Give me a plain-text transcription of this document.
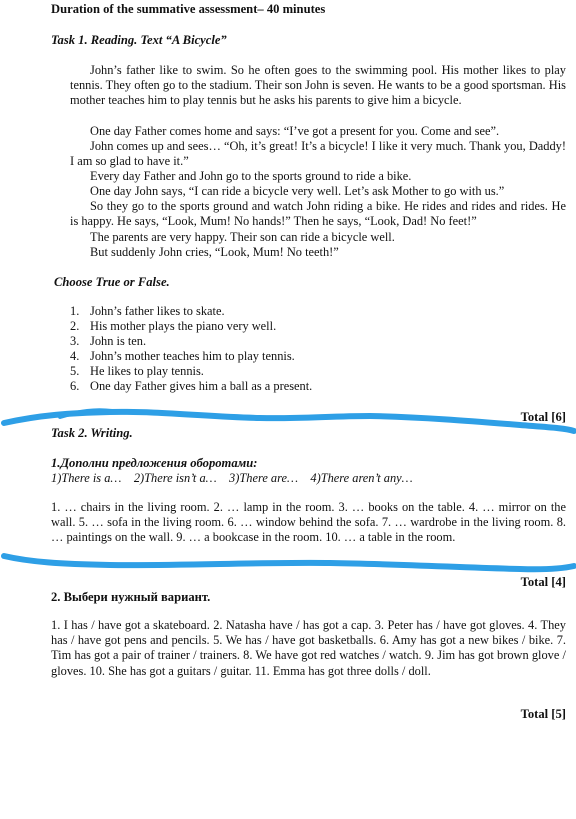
Duration of the summative assessment– 40 minutes
Task 1. Reading. Text “A Bicycle”
John’s father like to swim. So he often goes to the swimming pool. His mother likes to play tennis. They often go to the stadium. Their son John is seven. He wants to be a good sportsman. His mother teaches him to play tennis but he asks his parents to give him a bicycle.
One day Father comes home and says: “I’ve got a present for you. Come and see”.
John comes up and sees… “Oh, it’s great! It’s a bicycle! I like it very much. Thank you, Daddy! I am so glad to have it.”
Every day Father and John go to the sports ground to ride a bike.
One day John says, “I can ride a bicycle very well. Let’s ask Mother to go with us.”
So they go to the sports ground and watch John riding a bike. He rides and rides and rides. He is happy. He says, “Look, Mum! No hands!” Then he says, “Look, Dad! No feet!”
The parents are very happy. Their son can ride a bicycle well.
But suddenly John cries, “Look, Mum! No teeth!”
Choose True or False.
1. John’s father likes to skate.
2. His mother plays the piano very well.
3. John is ten.
4. John’s mother teaches him to play tennis.
5. He likes to play tennis.
6. One day Father gives him a ball as a present.
Total [6]
Task 2. Writing.
1.Дополни предложения оборотами:
1)There is a…    2)There isn’t a…    3)There are…    4)There aren’t any…
1. … chairs in the living room. 2. … lamp in the room. 3. … books on the table. 4. … mirror on the wall. 5. … sofa in the living room. 6. … window behind the sofa. 7. … wardrobe in the living room. 8. … paintings on the wall. 9. … a bookcase in the room. 10. … a table in the room.
Total [4]
2. Выбери нужный вариант.
1. I has / have got a skateboard. 2. Natasha have / has got a cap. 3. Peter has / have got gloves. 4. They has / have got pens and pencils. 5. We has / have got basketballs. 6. Amy has got a new bikes / bike. 7. Tim has got a pair of trainer / trainers. 8. We have got red watches / watch. 9. Jim has got brown glove / gloves. 10. She has got a guitars / guitar. 11. Emma has got three dolls / doll.
Total [5]
